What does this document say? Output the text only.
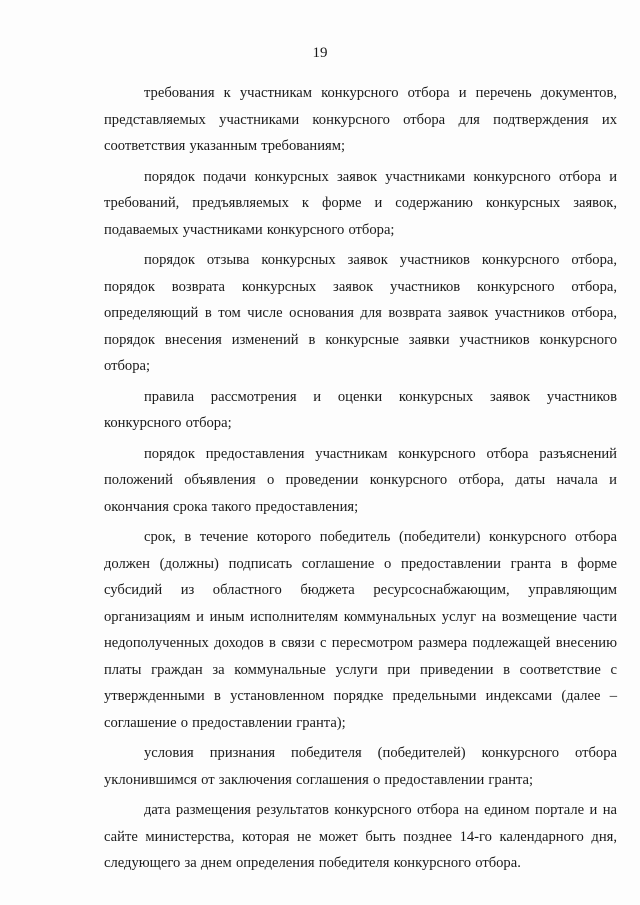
19

требования к участникам конкурсного отбора и перечень документов, представляемых участниками конкурсного отбора для подтверждения их соответствия указанным требованиям;

порядок подачи конкурсных заявок участниками конкурсного отбора и требований, предъявляемых к форме и содержанию конкурсных заявок, подаваемых участниками конкурсного отбора;

порядок отзыва конкурсных заявок участников конкурсного отбора, порядок возврата конкурсных заявок участников конкурсного отбора, определяющий в том числе основания для возврата заявок участников отбора, порядок внесения изменений в конкурсные заявки участников конкурсного отбора;

правила рассмотрения и оценки конкурсных заявок участников конкурсного отбора;

порядок предоставления участникам конкурсного отбора разъяснений положений объявления о проведении конкурсного отбора, даты начала и окончания срока такого предоставления;

срок, в течение которого победитель (победители) конкурсного отбора должен (должны) подписать соглашение о предоставлении гранта в форме субсидий из областного бюджета ресурсоснабжающим, управляющим организациям и иным исполнителям коммунальных услуг на возмещение части недополученных доходов в связи с пересмотром размера подлежащей внесению платы граждан за коммунальные услуги при приведении в соответствие с утвержденными в установленном порядке предельными индексами (далее – соглашение о предоставлении гранта);

условия признания победителя (победителей) конкурсного отбора уклонившимся от заключения соглашения о предоставлении гранта;

дата размещения результатов конкурсного отбора на едином портале и на сайте министерства, которая не может быть позднее 14-го календарного дня, следующего за днем определения победителя конкурсного отбора.
